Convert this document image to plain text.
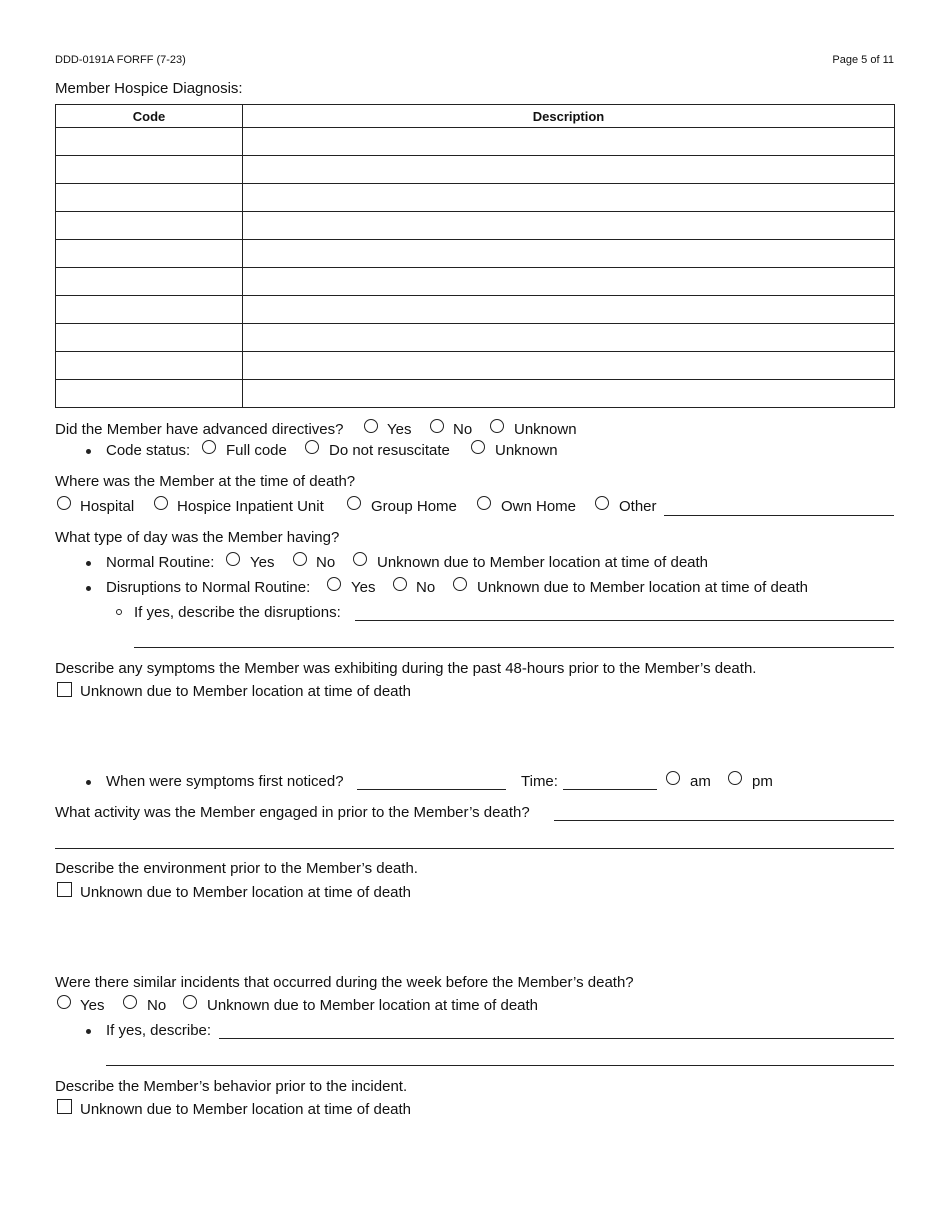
DDD-0191A FORFF (7-23)	Page 5 of 11
Member Hospice Diagnosis:
Code	Description

Did the Member have advanced directives?	Yes	No	Unknown
Code status: Full code	Do not resuscitate	Unknown
Where was the Member at the time of death?
Hospital	Hospice Inpatient Unit	Group Home	Own Home	Other
What type of day was the Member having?
Normal Routine: Yes	No	Unknown due to Member location at time of death
Disruptions to Normal Routine:	Yes	No	Unknown due to Member location at time of death
If yes, describe the disruptions:
Describe any symptoms the Member was exhibiting during the past 48-hours prior to the Member’s death.
Unknown due to Member location at time of death
When were symptoms first noticed?	Time:	am	pm
What activity was the Member engaged in prior to the Member’s death?
Describe the environment prior to the Member’s death.
Unknown due to Member location at time of death
Were there similar incidents that occurred during the week before the Member’s death?
Yes	No	Unknown due to Member location at time of death
If yes, describe:
Describe the Member’s behavior prior to the incident.
Unknown due to Member location at time of death
